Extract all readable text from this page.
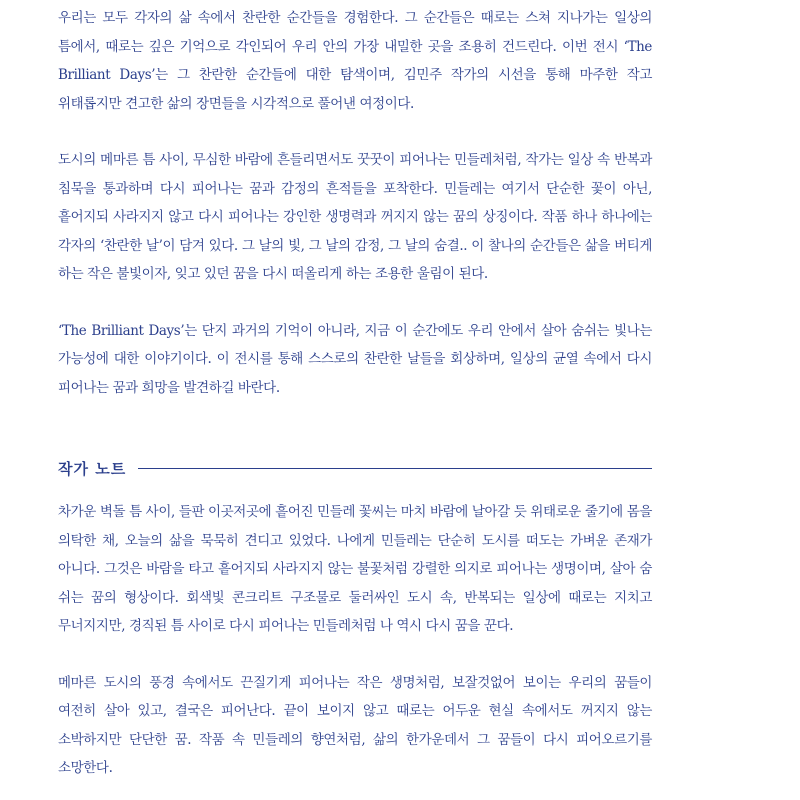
우리는 모두 각자의 삶 속에서 찬란한 순간들을 경험한다. 그 순간들은 때로는 스쳐 지나가는 일상의 틈에서, 때로는 깊은 기억으로 각인되어 우리 안의 가장 내밀한 곳을 조용히 건드린다. 이번 전시 ‘The Brilliant Days’는 그 찬란한 순간들에 대한 탐색이며, 김민주 작가의 시선을 통해 마주한 작고 위태롭지만 견고한 삶의 장면들을 시각적으로 풀어낸 여정이다.

도시의 메마른 틈 사이, 무심한 바람에 흔들리면서도 꿋꿋이 피어나는 민들레처럼, 작가는 일상 속 반복과 침묵을 통과하며 다시 피어나는 꿈과 감정의 흔적들을 포착한다. 민들레는 여기서 단순한 꽃이 아닌, 흩어지되 사라지지 않고 다시 피어나는 강인한 생명력과 꺼지지 않는 꿈의 상징이다. 작품 하나 하나에는 각자의 ‘찬란한 날’이 담겨 있다. 그 날의 빛, 그 날의 감정, 그 날의 숨결.. 이 찰나의 순간들은 삶을 버티게 하는 작은 불빛이자, 잊고 있던 꿈을 다시 떠올리게 하는 조용한 울림이 된다.

‘The Brilliant Days’는 단지 과거의 기억이 아니라, 지금 이 순간에도 우리 안에서 살아 숨쉬는 빛나는 가능성에 대한 이야기이다. 이 전시를 통해 스스로의 찬란한 날들을 회상하며, 일상의 균열 속에서 다시 피어나는 꿈과 희망을 발견하길 바란다.

작가 노트

차가운 벽돌 틈 사이, 들판 이곳저곳에 흩어진 민들레 꽃씨는 마치 바람에 날아갈 듯 위태로운 줄기에 몸을 의탁한 채, 오늘의 삶을 묵묵히 견디고 있었다. 나에게 민들레는 단순히 도시를 떠도는 가벼운 존재가 아니다. 그것은 바람을 타고 흩어지되 사라지지 않는 불꽃처럼 강렬한 의지로 피어나는 생명이며, 살아 숨 쉬는 꿈의 형상이다. 회색빛 콘크리트 구조물로 둘러싸인 도시 속, 반복되는 일상에 때로는 지치고 무너지지만, 경직된 틈 사이로 다시 피어나는 민들레처럼 나 역시 다시 꿈을 꾼다.

메마른 도시의 풍경 속에서도 끈질기게 피어나는 작은 생명처럼, 보잘것없어 보이는 우리의 꿈들이 여전히 살아 있고, 결국은 피어난다. 끝이 보이지 않고 때로는 어두운 현실 속에서도 꺼지지 않는 소박하지만 단단한 꿈. 작품 속 민들레의 향연처럼, 삶의 한가운데서 그 꿈들이 다시 피어오르기를 소망한다.
